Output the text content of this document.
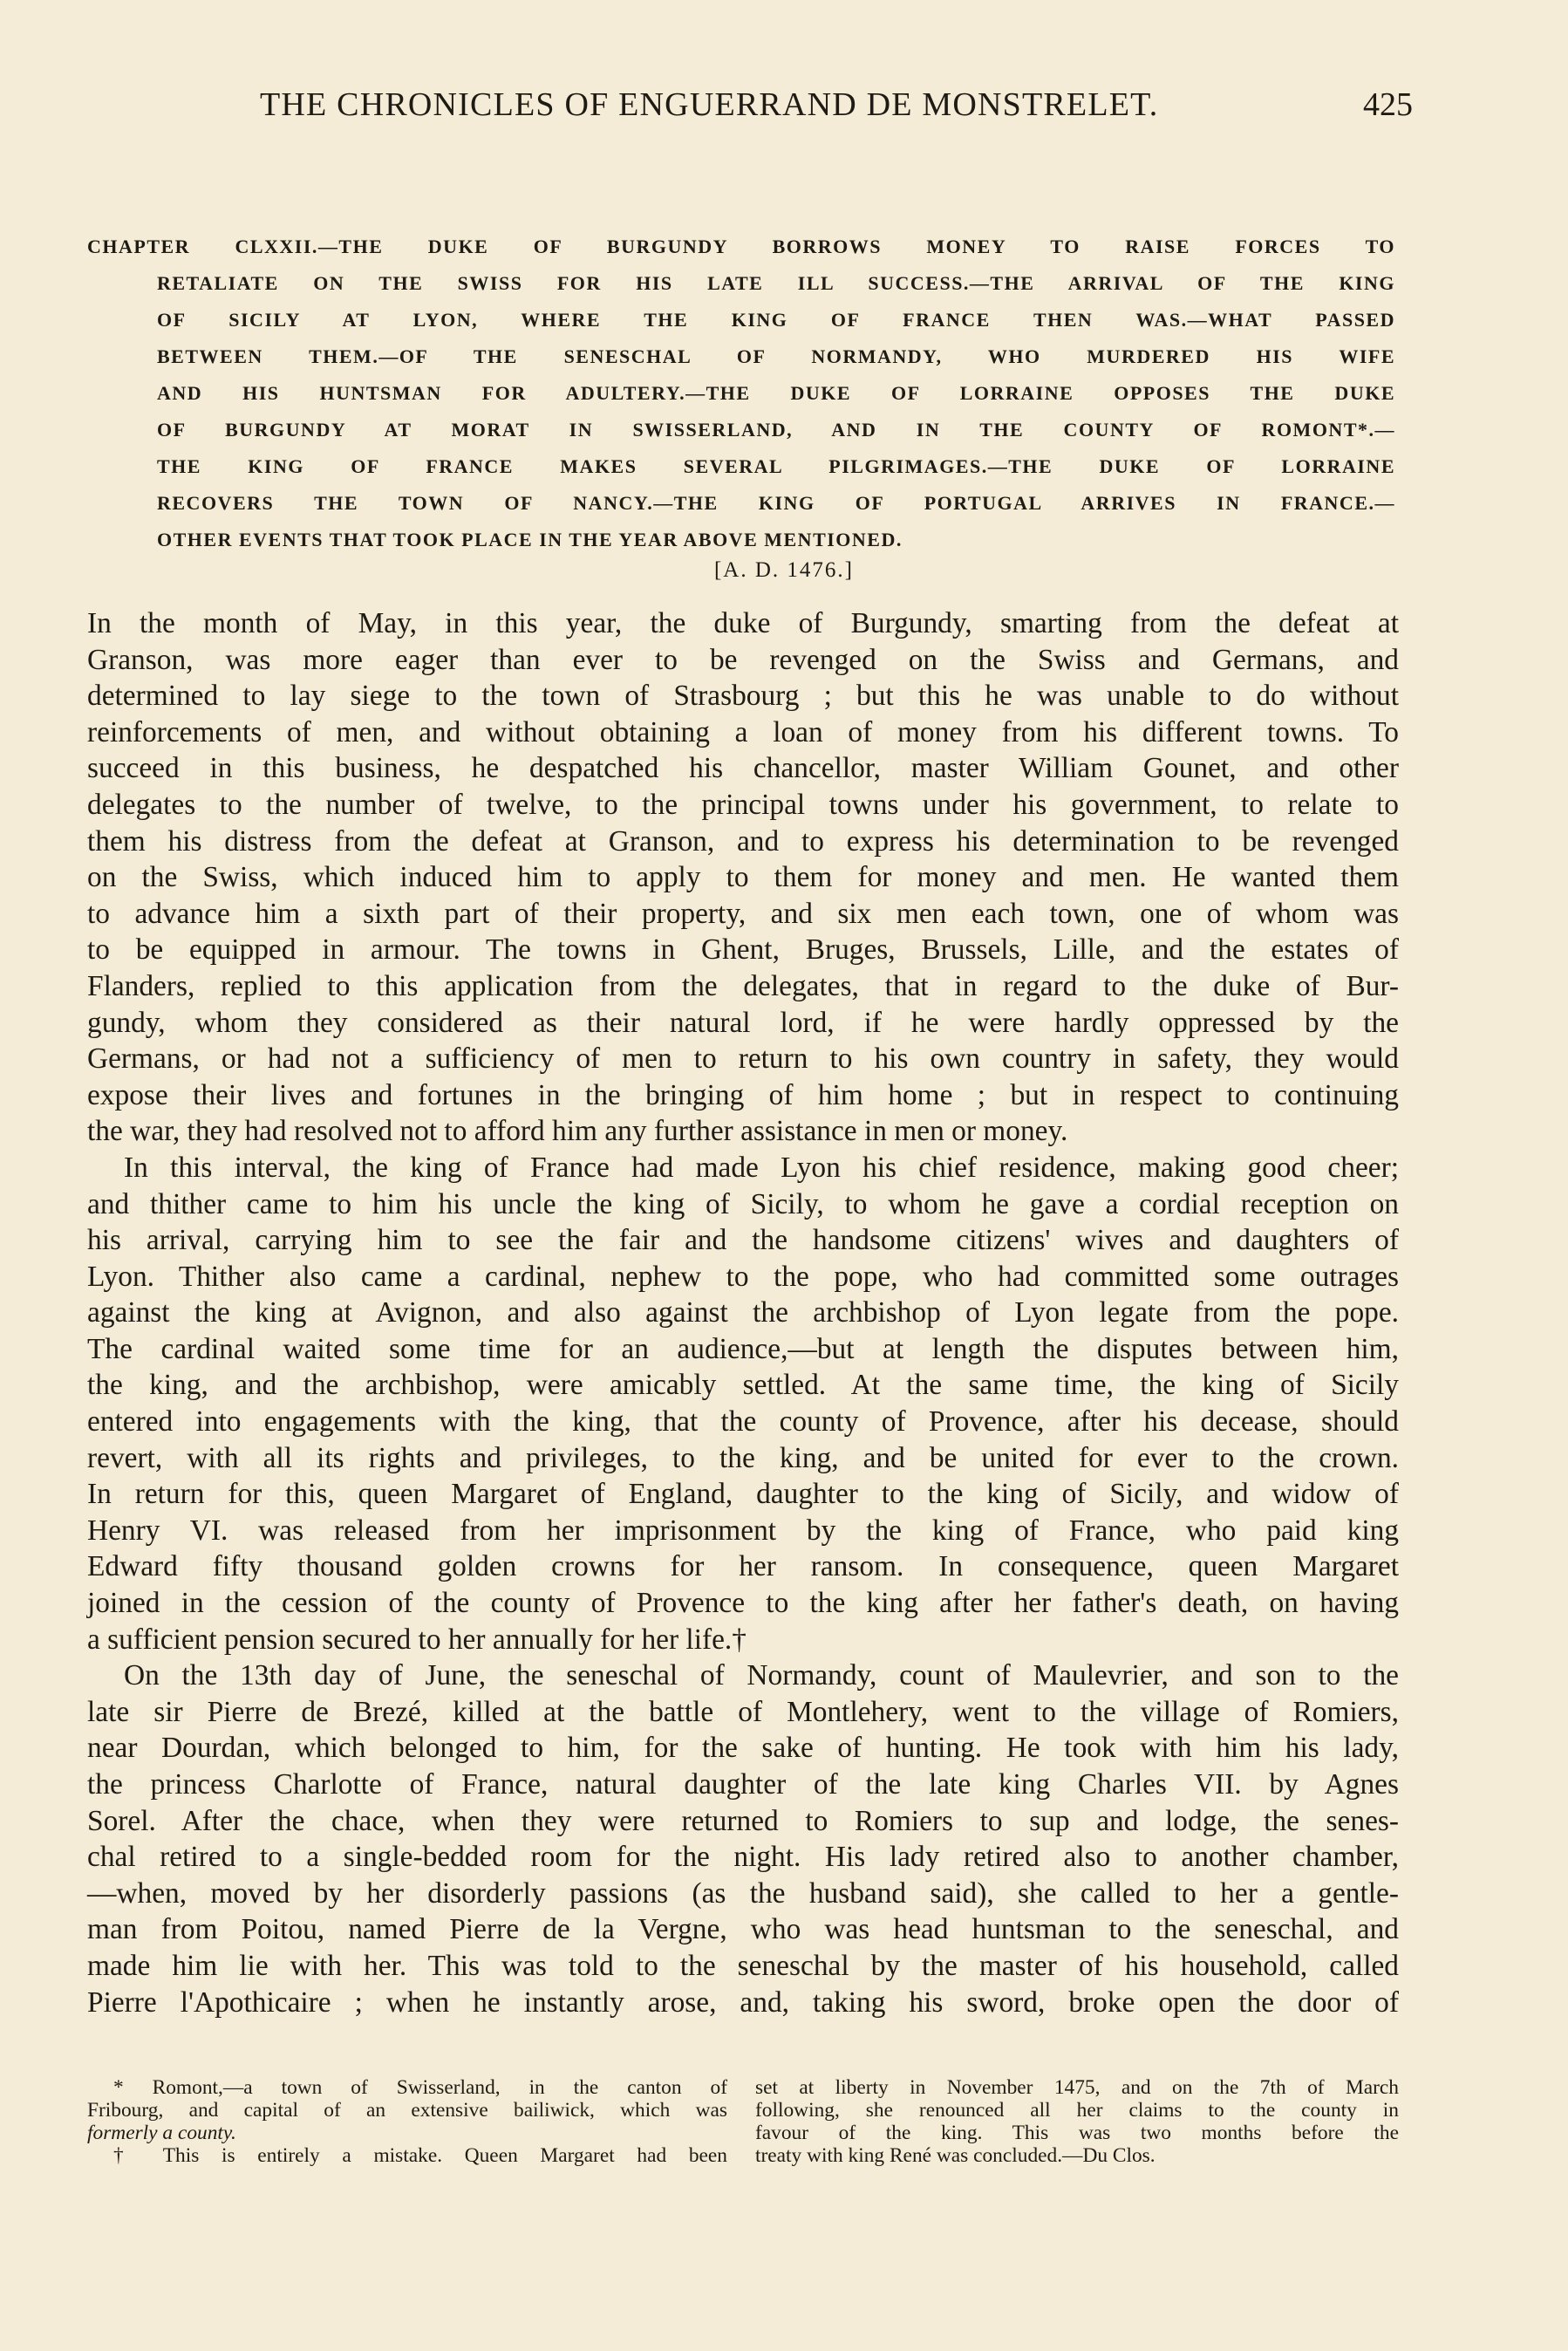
THE CHRONICLES OF ENGUERRAND DE MONSTRELET.	425
CHAPTER CLXXII.—THE DUKE OF BURGUNDY BORROWS MONEY TO RAISE FORCES TO
RETALIATE ON THE SWISS FOR HIS LATE ILL SUCCESS.—THE ARRIVAL OF THE KING
OF SICILY AT LYON, WHERE THE KING OF FRANCE THEN WAS.—WHAT PASSED
BETWEEN THEM.—OF THE SENESCHAL OF NORMANDY, WHO MURDERED HIS WIFE
AND HIS HUNTSMAN FOR ADULTERY.—THE DUKE OF LORRAINE OPPOSES THE DUKE
OF BURGUNDY AT MORAT IN SWISSERLAND, AND IN THE COUNTY OF ROMONT*.—
THE KING OF FRANCE MAKES SEVERAL PILGRIMAGES.—THE DUKE OF LORRAINE
RECOVERS THE TOWN OF NANCY.—THE KING OF PORTUGAL ARRIVES IN FRANCE.—
OTHER EVENTS THAT TOOK PLACE IN THE YEAR ABOVE MENTIONED.
[A. D. 1476.]
In the month of May, in this year, the duke of Burgundy, smarting from the defeat at
Granson, was more eager than ever to be revenged on the Swiss and Germans, and
determined to lay siege to the town of Strasbourg ; but this he was unable to do without
reinforcements of men, and without obtaining a loan of money from his different towns. To
succeed in this business, he despatched his chancellor, master William Gounet, and other
delegates to the number of twelve, to the principal towns under his government, to relate to
them his distress from the defeat at Granson, and to express his determination to be revenged
on the Swiss, which induced him to apply to them for money and men. He wanted them
to advance him a sixth part of their property, and six men each town, one of whom was
to be equipped in armour. The towns in Ghent, Bruges, Brussels, Lille, and the estates of
Flanders, replied to this application from the delegates, that in regard to the duke of Bur-
gundy, whom they considered as their natural lord, if he were hardly oppressed by the
Germans, or had not a sufficiency of men to return to his own country in safety, they would
expose their lives and fortunes in the bringing of him home ; but in respect to continuing
the war, they had resolved not to afford him any further assistance in men or money.
In this interval, the king of France had made Lyon his chief residence, making good cheer;
and thither came to him his uncle the king of Sicily, to whom he gave a cordial reception on
his arrival, carrying him to see the fair and the handsome citizens' wives and daughters of
Lyon. Thither also came a cardinal, nephew to the pope, who had committed some outrages
against the king at Avignon, and also against the archbishop of Lyon legate from the pope.
The cardinal waited some time for an audience,—but at length the disputes between him,
the king, and the archbishop, were amicably settled. At the same time, the king of Sicily
entered into engagements with the king, that the county of Provence, after his decease, should
revert, with all its rights and privileges, to the king, and be united for ever to the crown.
In return for this, queen Margaret of England, daughter to the king of Sicily, and widow of
Henry VI. was released from her imprisonment by the king of France, who paid king
Edward fifty thousand golden crowns for her ransom. In consequence, queen Margaret
joined in the cession of the county of Provence to the king after her father's death, on having
a sufficient pension secured to her annually for her life.†
On the 13th day of June, the seneschal of Normandy, count of Maulevrier, and son to the
late sir Pierre de Brezé, killed at the battle of Montlehery, went to the village of Romiers,
near Dourdan, which belonged to him, for the sake of hunting. He took with him his lady,
the princess Charlotte of France, natural daughter of the late king Charles VII. by Agnes
Sorel. After the chace, when they were returned to Romiers to sup and lodge, the senes-
chal retired to a single-bedded room for the night. His lady retired also to another chamber,
—when, moved by her disorderly passions (as the husband said), she called to her a gentle-
man from Poitou, named Pierre de la Vergne, who was head huntsman to the seneschal, and
made him lie with her. This was told to the seneschal by the master of his household, called
Pierre l'Apothicaire ; when he instantly arose, and, taking his sword, broke open the door of
* Romont,—a town of Swisserland, in the canton of
Fribourg, and capital of an extensive bailiwick, which was
formerly a county.
† This is entirely a mistake. Queen Margaret had been
set at liberty in November 1475, and on the 7th of March
following, she renounced all her claims to the county in
favour of the king. This was two months before the
treaty with king René was concluded.—Du Clos.
